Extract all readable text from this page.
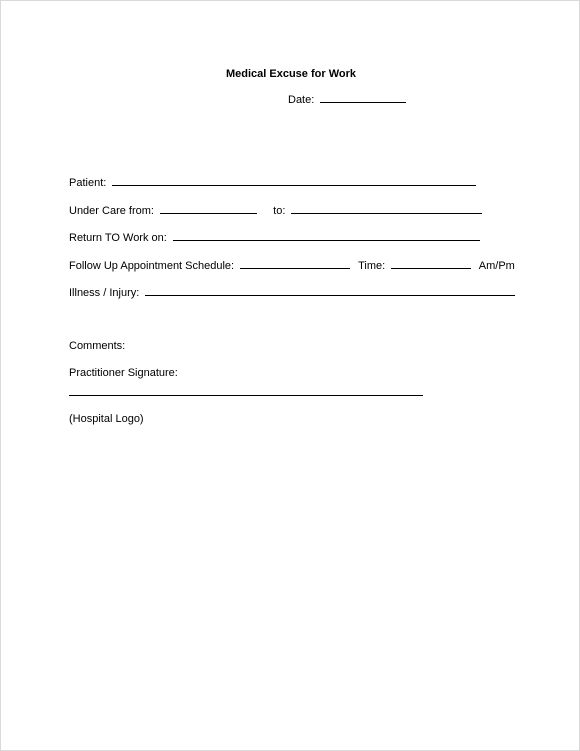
Medical Excuse for Work
Date:
Patient:
Under Care from:	to:
Return TO Work on:
Follow Up Appointment Schedule:	Time:	Am/Pm
Illness / Injury:
Comments:
Practitioner Signature:
(Hospital Logo)
